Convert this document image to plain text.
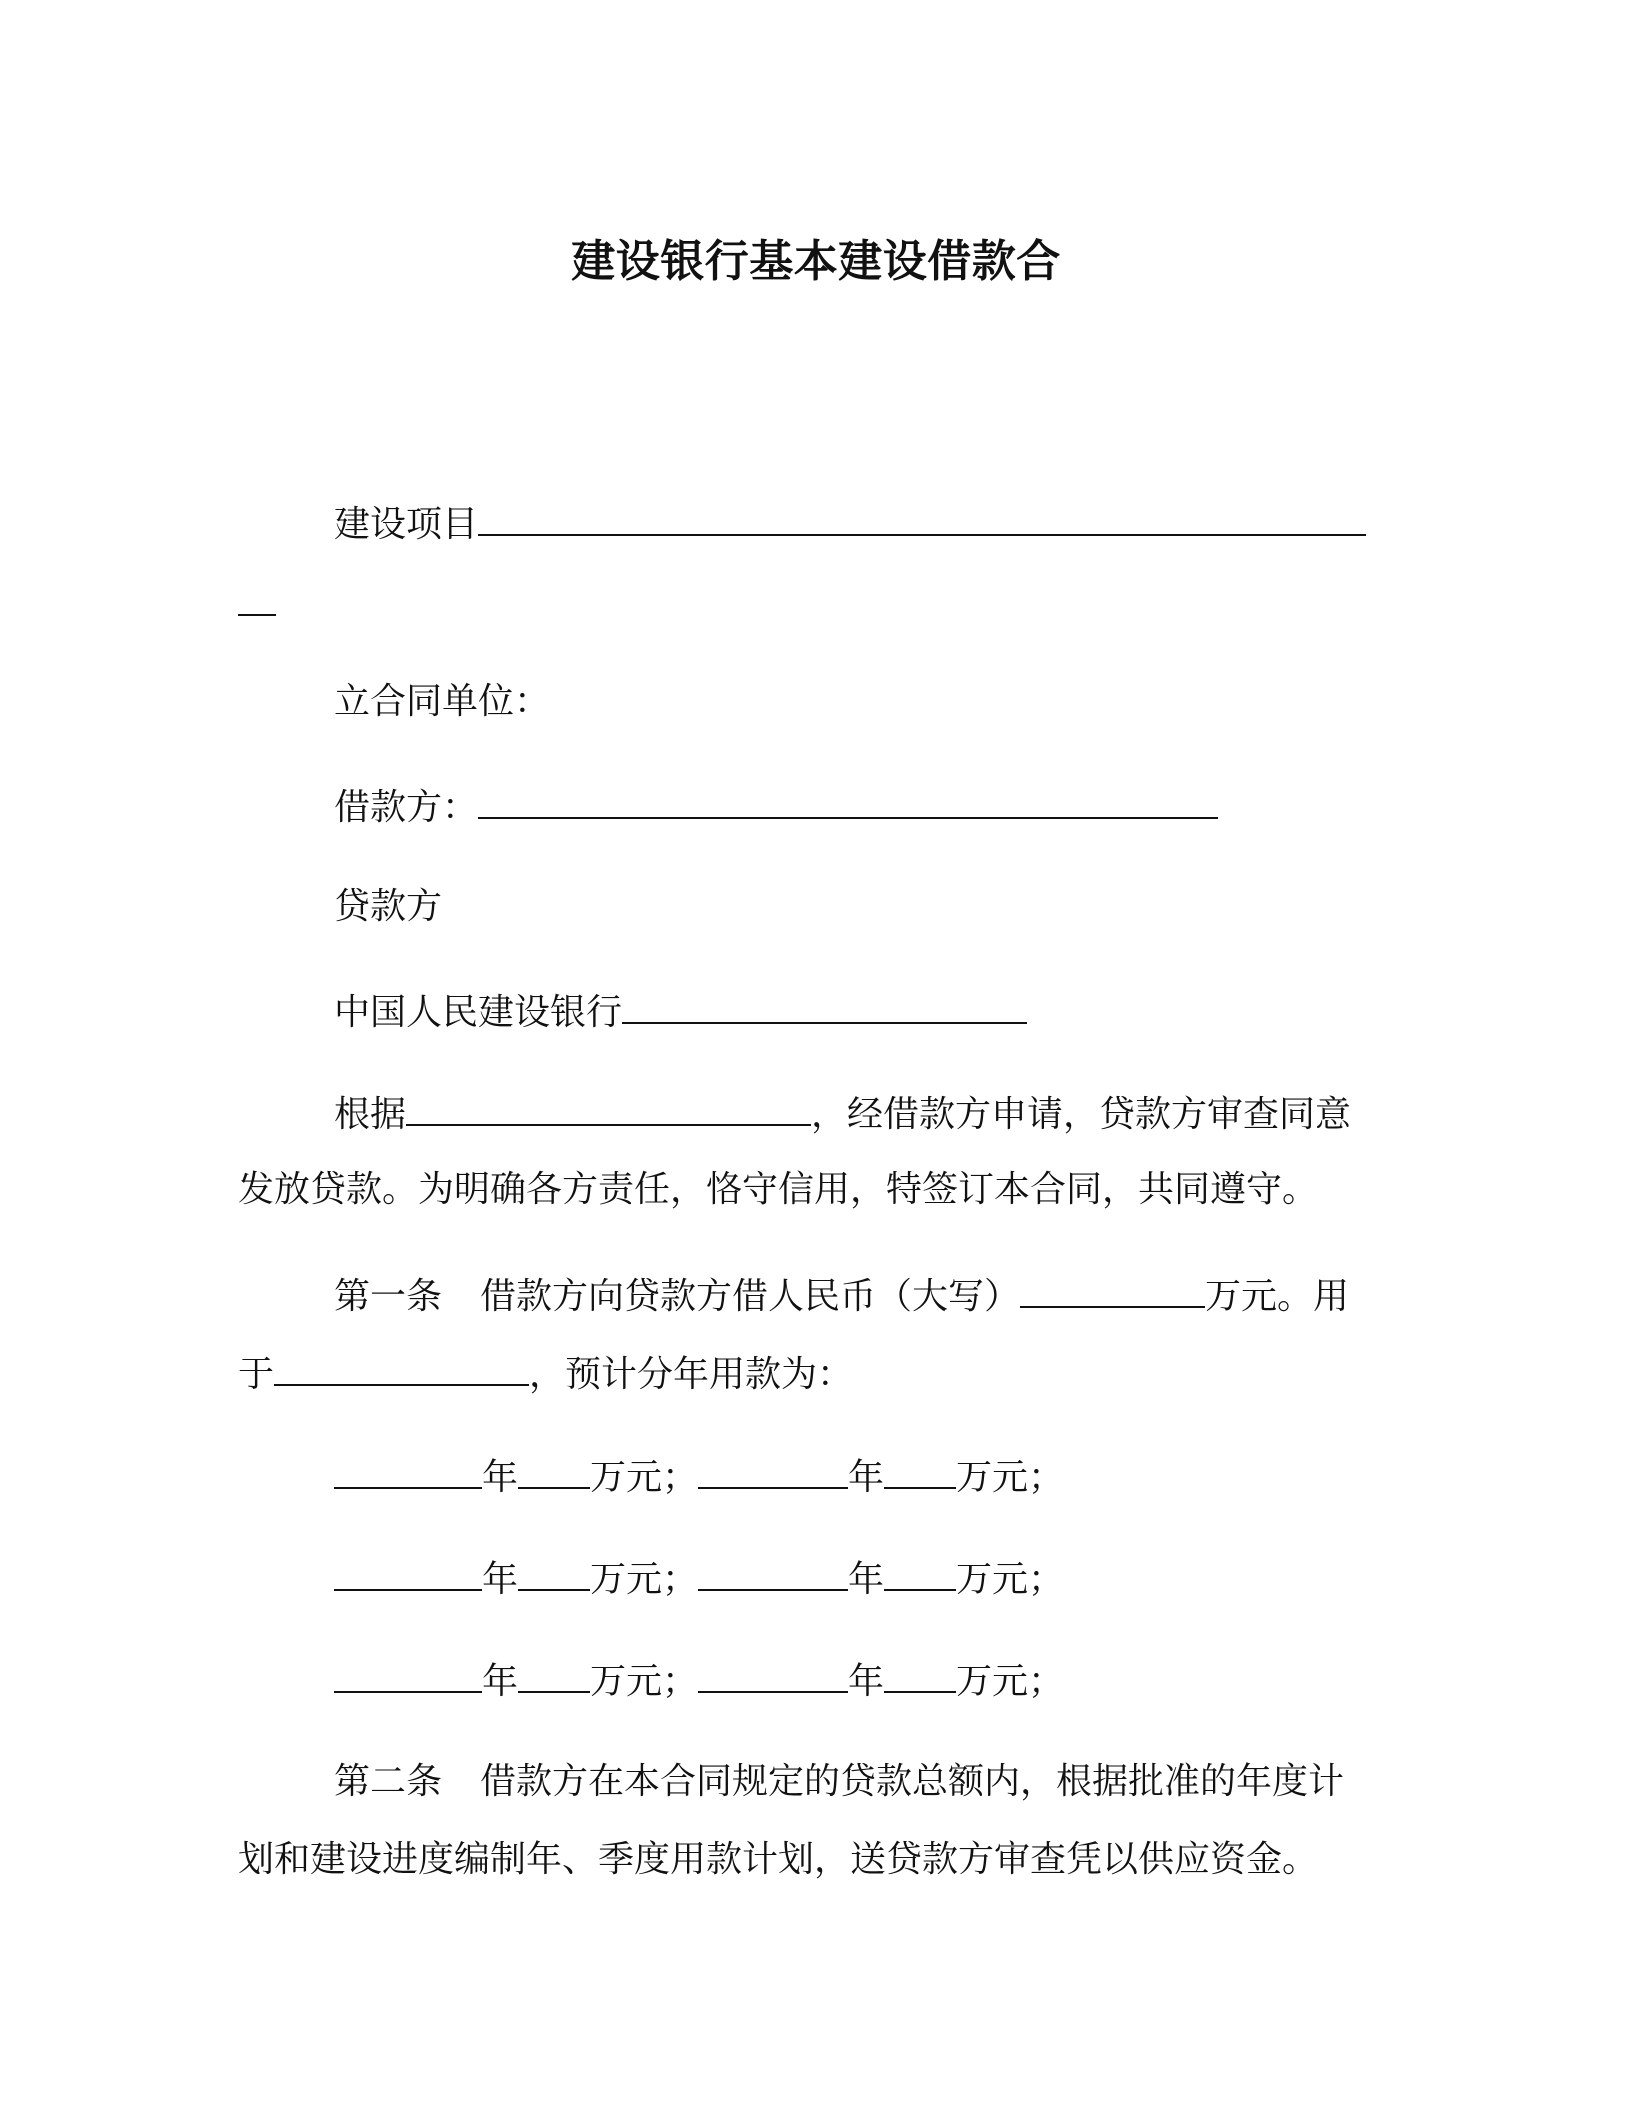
建设银行基本建设借款合
建设项目
立合同单位：
借款方：
贷款方
中国人民建设银行
根据	，经借款方申请，贷款方审查同意
发放贷款。为明确各方责任，恪守信用，特签订本合同，共同遵守。
第一条 借款方向贷款方借人民币（大写）	万元。用
于	，预计分年用款为：
年 万元；	年 万元；
年 万元；	年 万元；
年 万元；	年 万元；
第二条 借款方在本合同规定的贷款总额内，根据批准的年度计
划和建设进度编制年、季度用款计划，送贷款方审查凭以供应资金。
